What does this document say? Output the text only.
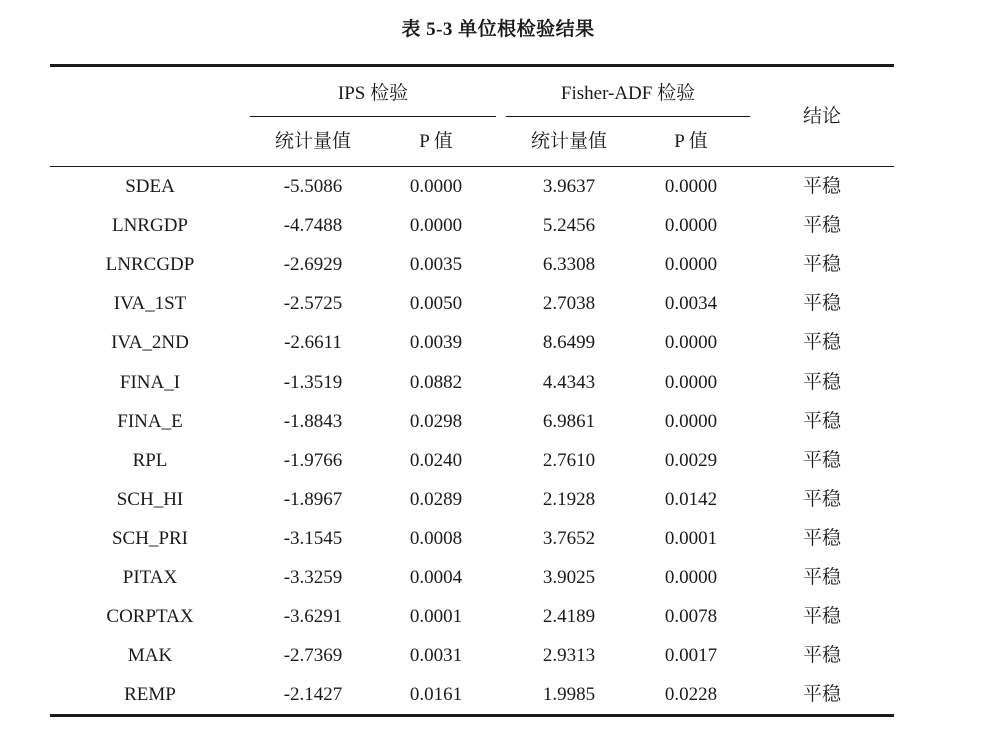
表 5-3 单位根检验结果
IPS 检验	Fisher-ADF 检验
结论
统计量值	P 值	统计量值	P 值
SDEA	-5.5086	0.0000	3.9637	0.0000	平稳
LNRGDP	-4.7488	0.0000	5.2456	0.0000	平稳
LNRCGDP	-2.6929	0.0035	6.3308	0.0000	平稳
IVA_1ST	-2.5725	0.0050	2.7038	0.0034	平稳
IVA_2ND	-2.6611	0.0039	8.6499	0.0000	平稳
FINA_I	-1.3519	0.0882	4.4343	0.0000	平稳
FINA_E	-1.8843	0.0298	6.9861	0.0000	平稳
RPL	-1.9766	0.0240	2.7610	0.0029	平稳
SCH_HI	-1.8967	0.0289	2.1928	0.0142	平稳
SCH_PRI	-3.1545	0.0008	3.7652	0.0001	平稳
PITAX	-3.3259	0.0004	3.9025	0.0000	平稳
CORPTAX	-3.6291	0.0001	2.4189	0.0078	平稳
MAK	-2.7369	0.0031	2.9313	0.0017	平稳
REMP	-2.1427	0.0161	1.9985	0.0228	平稳
